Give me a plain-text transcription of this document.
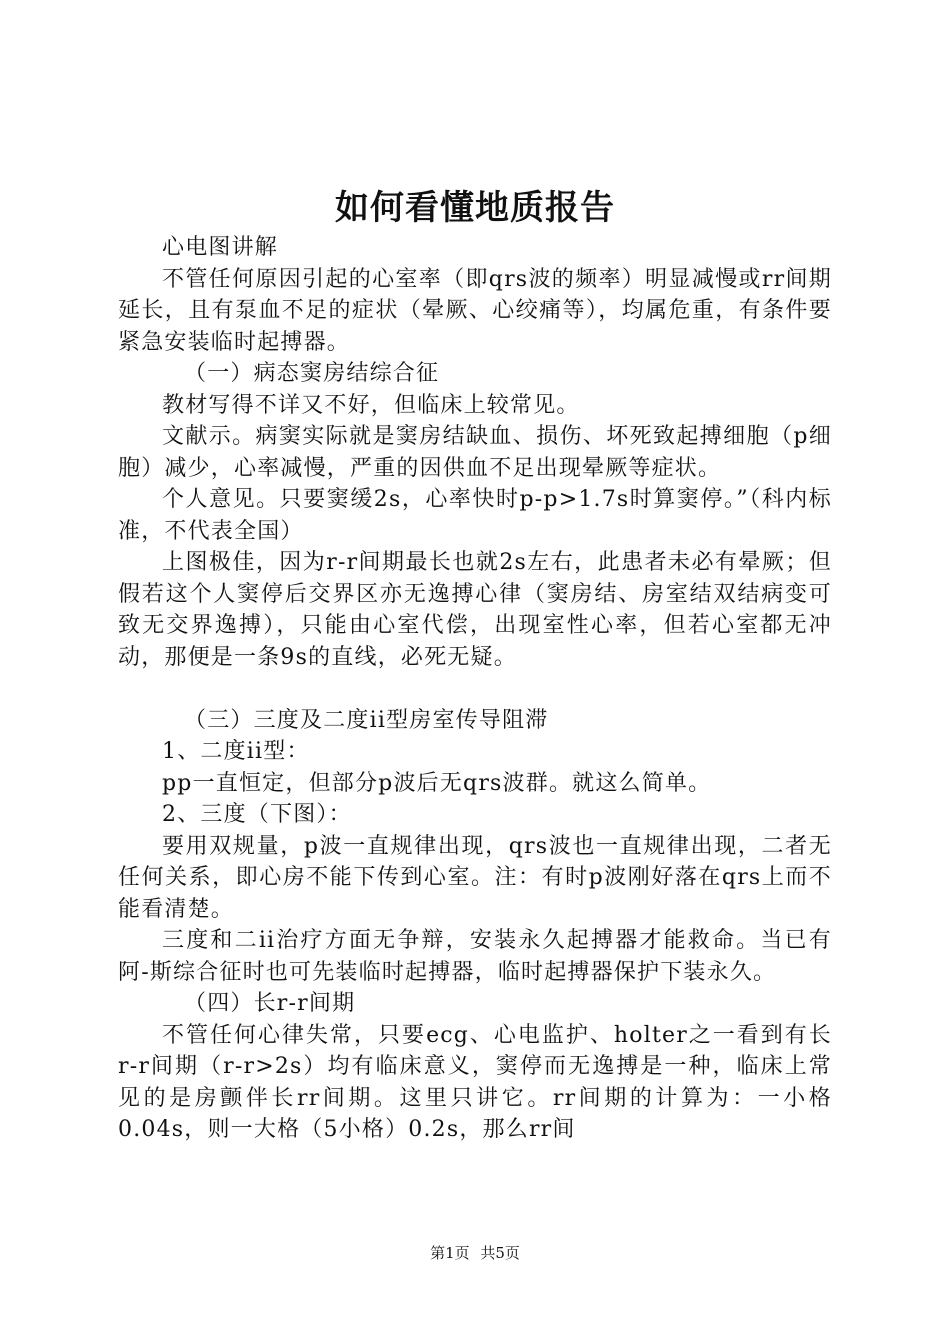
如何看懂地质报告

心电图讲解

不管任何原因引起的心室率（即qrs波的频率）明显减慢或rr间期延长，且有泵血不足的症状（晕厥、心绞痛等），均属危重，有条件要紧急安装临时起搏器。

（一）病态窦房结综合征

教材写得不详又不好，但临床上较常见。

文献示。病窦实际就是窦房结缺血、损伤、坏死致起搏细胞（p细胞）减少，心率减慢，严重的因供血不足出现晕厥等症状。

个人意见。只要窦缓2s，心率快时p-p>1.7s时算窦停。”（科内标准，不代表全国）

上图极佳，因为r-r间期最长也就2s左右，此患者未必有晕厥；但假若这个人窦停后交界区亦无逸搏心律（窦房结、房室结双结病变可致无交界逸搏），只能由心室代偿，出现室性心率，但若心室都无冲动，那便是一条9s的直线，必死无疑。

（三）三度及二度ii型房室传导阻滞

1、二度ii型：

pp一直恒定，但部分p波后无qrs波群。就这么简单。

2、三度（下图）：

要用双规量，p波一直规律出现，qrs波也一直规律出现，二者无任何关系，即心房不能下传到心室。注：有时p波刚好落在qrs上而不能看清楚。

三度和二ii治疗方面无争辩，安装永久起搏器才能救命。当已有阿-斯综合征时也可先装临时起搏器，临时起搏器保护下装永久。

（四）长r-r间期

不管任何心律失常，只要ecg、心电监护、holter之一看到有长r-r间期（r-r>2s）均有临床意义，窦停而无逸搏是一种，临床上常见的是房颤伴长rr间期。这里只讲它。rr间期的计算为：一小格0.04s，则一大格（5小格）0.2s，那么rr间

第1页 共5页
